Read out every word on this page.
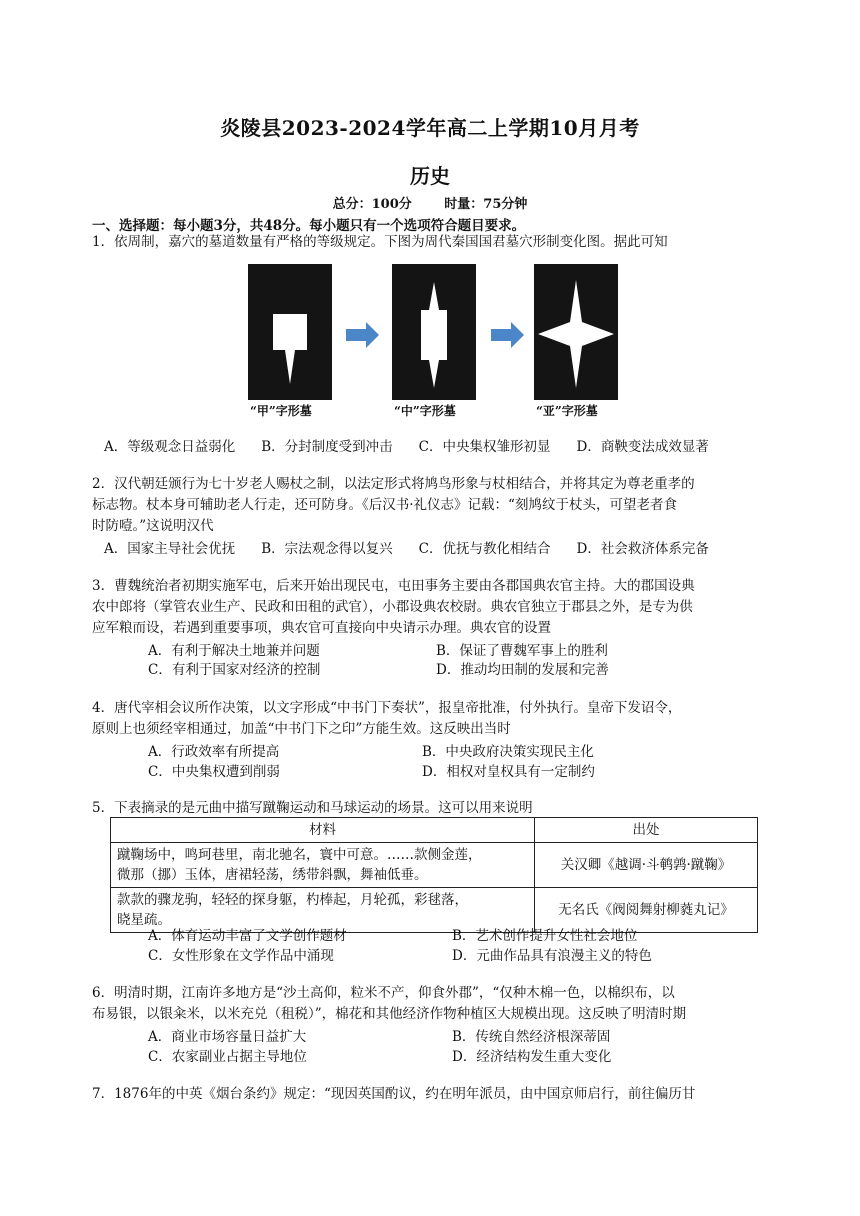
炎陵县2023-2024学年高二上学期10月月考
历史
总分：100分	时量：75分钟
一、选择题：每小题3分，共48分。每小题只有一个选项符合题目要求。
1．依周制，嘉穴的墓道数量有严格的等级规定。下图为周代秦国国君墓穴形制变化图。据此可知
“甲”字形墓	“中”字形墓	“亚”字形墓
A．等级观念日益弱化 B．分封制度受到冲击 C．中央集权雏形初显 D．商鞅变法成效显著
2．汉代朝廷颁行为七十岁老人赐杖之制，以法定形式将鸠鸟形象与杖相结合，并将其定为尊老重孝的
标志物。杖本身可辅助老人行走，还可防身。《后汉书·礼仪志》记载：“刻鸠纹于杖头，可望老者食
时防噎。”这说明汉代
A．国家主导社会优抚 B．宗法观念得以复兴 C．优抚与教化相结合 D．社会救济体系完备
3．曹魏统治者初期实施军屯，后来开始出现民屯，屯田事务主要由各郡国典农官主持。大的郡国设典
农中郎将（掌管农业生产、民政和田租的武官），小郡设典农校尉。典农官独立于郡县之外，是专为供
应军粮而设，若遇到重要事项，典农官可直接向中央请示办理。典农官的设置
A．有利于解决土地兼并问题	B．保证了曹魏军事上的胜利
C．有利于国家对经济的控制	D．推动均田制的发展和完善
4．唐代宰相会议所作决策，以文字形成“中书门下奏状”，报皇帝批准，付外执行。皇帝下发诏令，
原则上也须经宰相通过，加盖“中书门下之印”方能生效。这反映出当时
A．行政效率有所提高	B．中央政府决策实现民主化
C．中央集权遭到削弱	D．相权对皇权具有一定制约
5．下表摘录的是元曲中描写蹴鞠运动和马球运动的场景。这可以用来说明
材料	出处

蹴鞠场中，鸣珂巷里，南北驰名，寰中可意。……款侧金莲，
微那（挪）玉体，唐裙轻荡，绣带斜飘，舞袖低垂。	关汉卿《越调·斗鹌鹑·蹴鞠》

款款的骤龙驹，轻轻的探身躯，杓棒起，月轮孤，彩毬落，
晓星疏。	无名氏《阀阅舞射柳蕤丸记》
A．体育运动丰富了文学创作题材	B．艺术创作提升女性社会地位
C．女性形象在文学作品中涌现	D．元曲作品具有浪漫主义的特色
6．明清时期，江南许多地方是“沙土高仰，粒米不产，仰食外郡”，“仅种木棉一色，以棉织布，以
布易银，以银籴米，以米充兑（租税）”，棉花和其他经济作物种植区大规模出现。这反映了明清时期
A．商业市场容量日益扩大	B．传统自然经济根深蒂固
C．农家副业占据主导地位	D．经济结构发生重大变化
7．1876年的中英《烟台条约》规定：“现因英国酌议，约在明年派员，由中国京师启行，前往偏历甘
